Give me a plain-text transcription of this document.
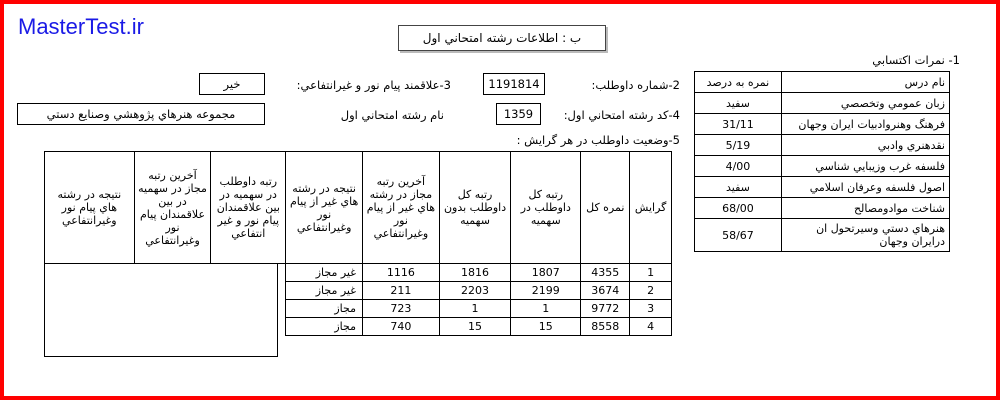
MasterTest.ir	ب : اطلاعات رشته امتحاني اول
1- نمرات اکتسابي
نام درس	نمره به درصد
زبان عمومي وتخصصي	سفيد
فرهنگ وهنروادبيات ايران وجهان	31/11
نقدهنري وادبي	5/19
فلسفه غرب وزيبايي شناسي	4/00
اصول فلسفه وعرفان اسلامي	سفيد
شناخت موادومصالح	68/00
هنرهاي دستي وسيرتحول ان درايران وجهان	58/67
2-شماره داوطلب:
1191814
3-علاقمند پيام نور و غيرانتفاعي:
خير
4-کد رشته امتحاني اول:
1359
نام رشته امتحاني اول
مجموعه هنرهاي پژوهشي وصنايع دستي
5-وضعيت داوطلب در هر گرايش :
گرايش	نمره کل	رتبه کل داوطلب در سهميه	رتبه کل داوطلب بدون سهميه	آخرين رتبه مجاز در رشته هاي غير از پيام نور وغيرانتفاعي	نتيجه در رشته هاي غير از پيام نور وغيرانتفاعي	رتبه داوطلب در سهميه در بين علاقمندان پيام نور و غير انتفاعي	آخرين رتبه مجاز در سهميه در بين علاقمندان پيام نور وغيرانتفاعي	نتيجه در رشته هاي پيام نور وغيرانتفاعي
1	4355	1807	1816	1116	غير مجاز			
2	3674	2199	2203	211	غير مجاز			
3	9772	1	1	723	مجاز			
4	8558	15	15	740	مجاز			
